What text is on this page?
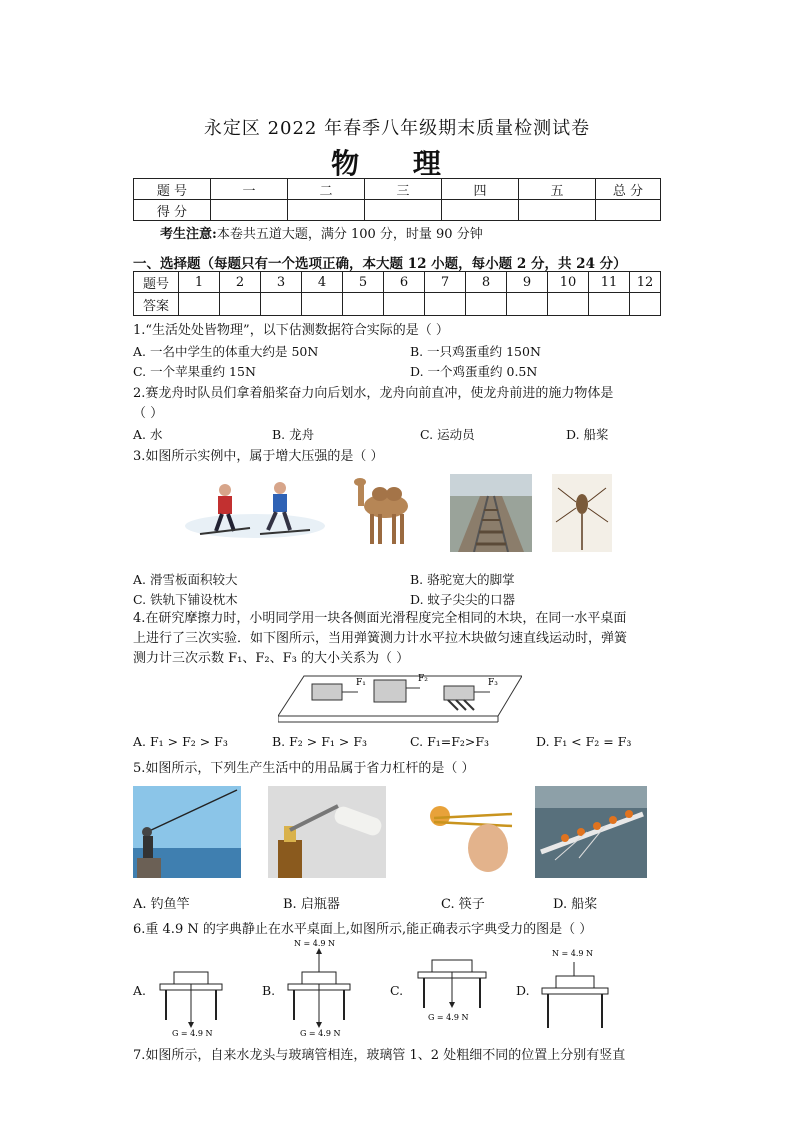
永定区 2022 年春季八年级期末质量检测试卷
物 理
题 号	一	二	三	四	五	总 分
得 分						
考生注意:本卷共五道大题，满分 100 分，时量 90 分钟
一、选择题（每题只有一个选项正确，本大题 12 小题，每小题 2 分，共 24 分）
题号	1	2	3	4	5	6	7	8	9	10	11	12
答案												
1.“生活处处皆物理”，以下估测数据符合实际的是（ ）
A. 一名中学生的体重大约是 50N	B. 一只鸡蛋重约 150N
C. 一个苹果重约 15N	D. 一个鸡蛋重约 0.5N
2.赛龙舟时队员们拿着船桨奋力向后划水，龙舟向前直冲，使龙舟前进的施力物体是
（ ）
A. 水	B. 龙舟	C. 运动员	D. 船桨
3.如图所示实例中，属于增大压强的是（ ）
A. 滑雪板面积较大	B. 骆驼宽大的脚掌
C. 铁轨下铺设枕木	D. 蚊子尖尖的口器
4.在研究摩擦力时，小明同学用一块各侧面光滑程度完全相同的木块，在同一水平桌面
上进行了三次实验．如下图所示，当用弹簧测力计水平拉木块做匀速直线运动时，弹簧
测力计三次示数 F₁、F₂、F₃ 的大小关系为（ ）
F₁	F₂	F₃
A. F₁ > F₂ > F₃	B. F₂ > F₁ > F₃	C. F₁=F₂>F₃	D. F₁ < F₂ = F₃
5.如图所示，下列生产生活中的用品属于省力杠杆的是（ ）
A. 钓鱼竿	B. 启瓶器	C. 筷子	D. 船桨
6.重 4.9 N 的字典静止在水平桌面上,如图所示,能正确表示字典受力的图是（ ）
A.
G = 4.9 N
B.
N = 4.9 N
G = 4.9 N
C.
G = 4.9 N
D.
N = 4.9 N
7.如图所示，自来水龙头与玻璃管相连，玻璃管 1、2 处粗细不同的位置上分别有竖直
